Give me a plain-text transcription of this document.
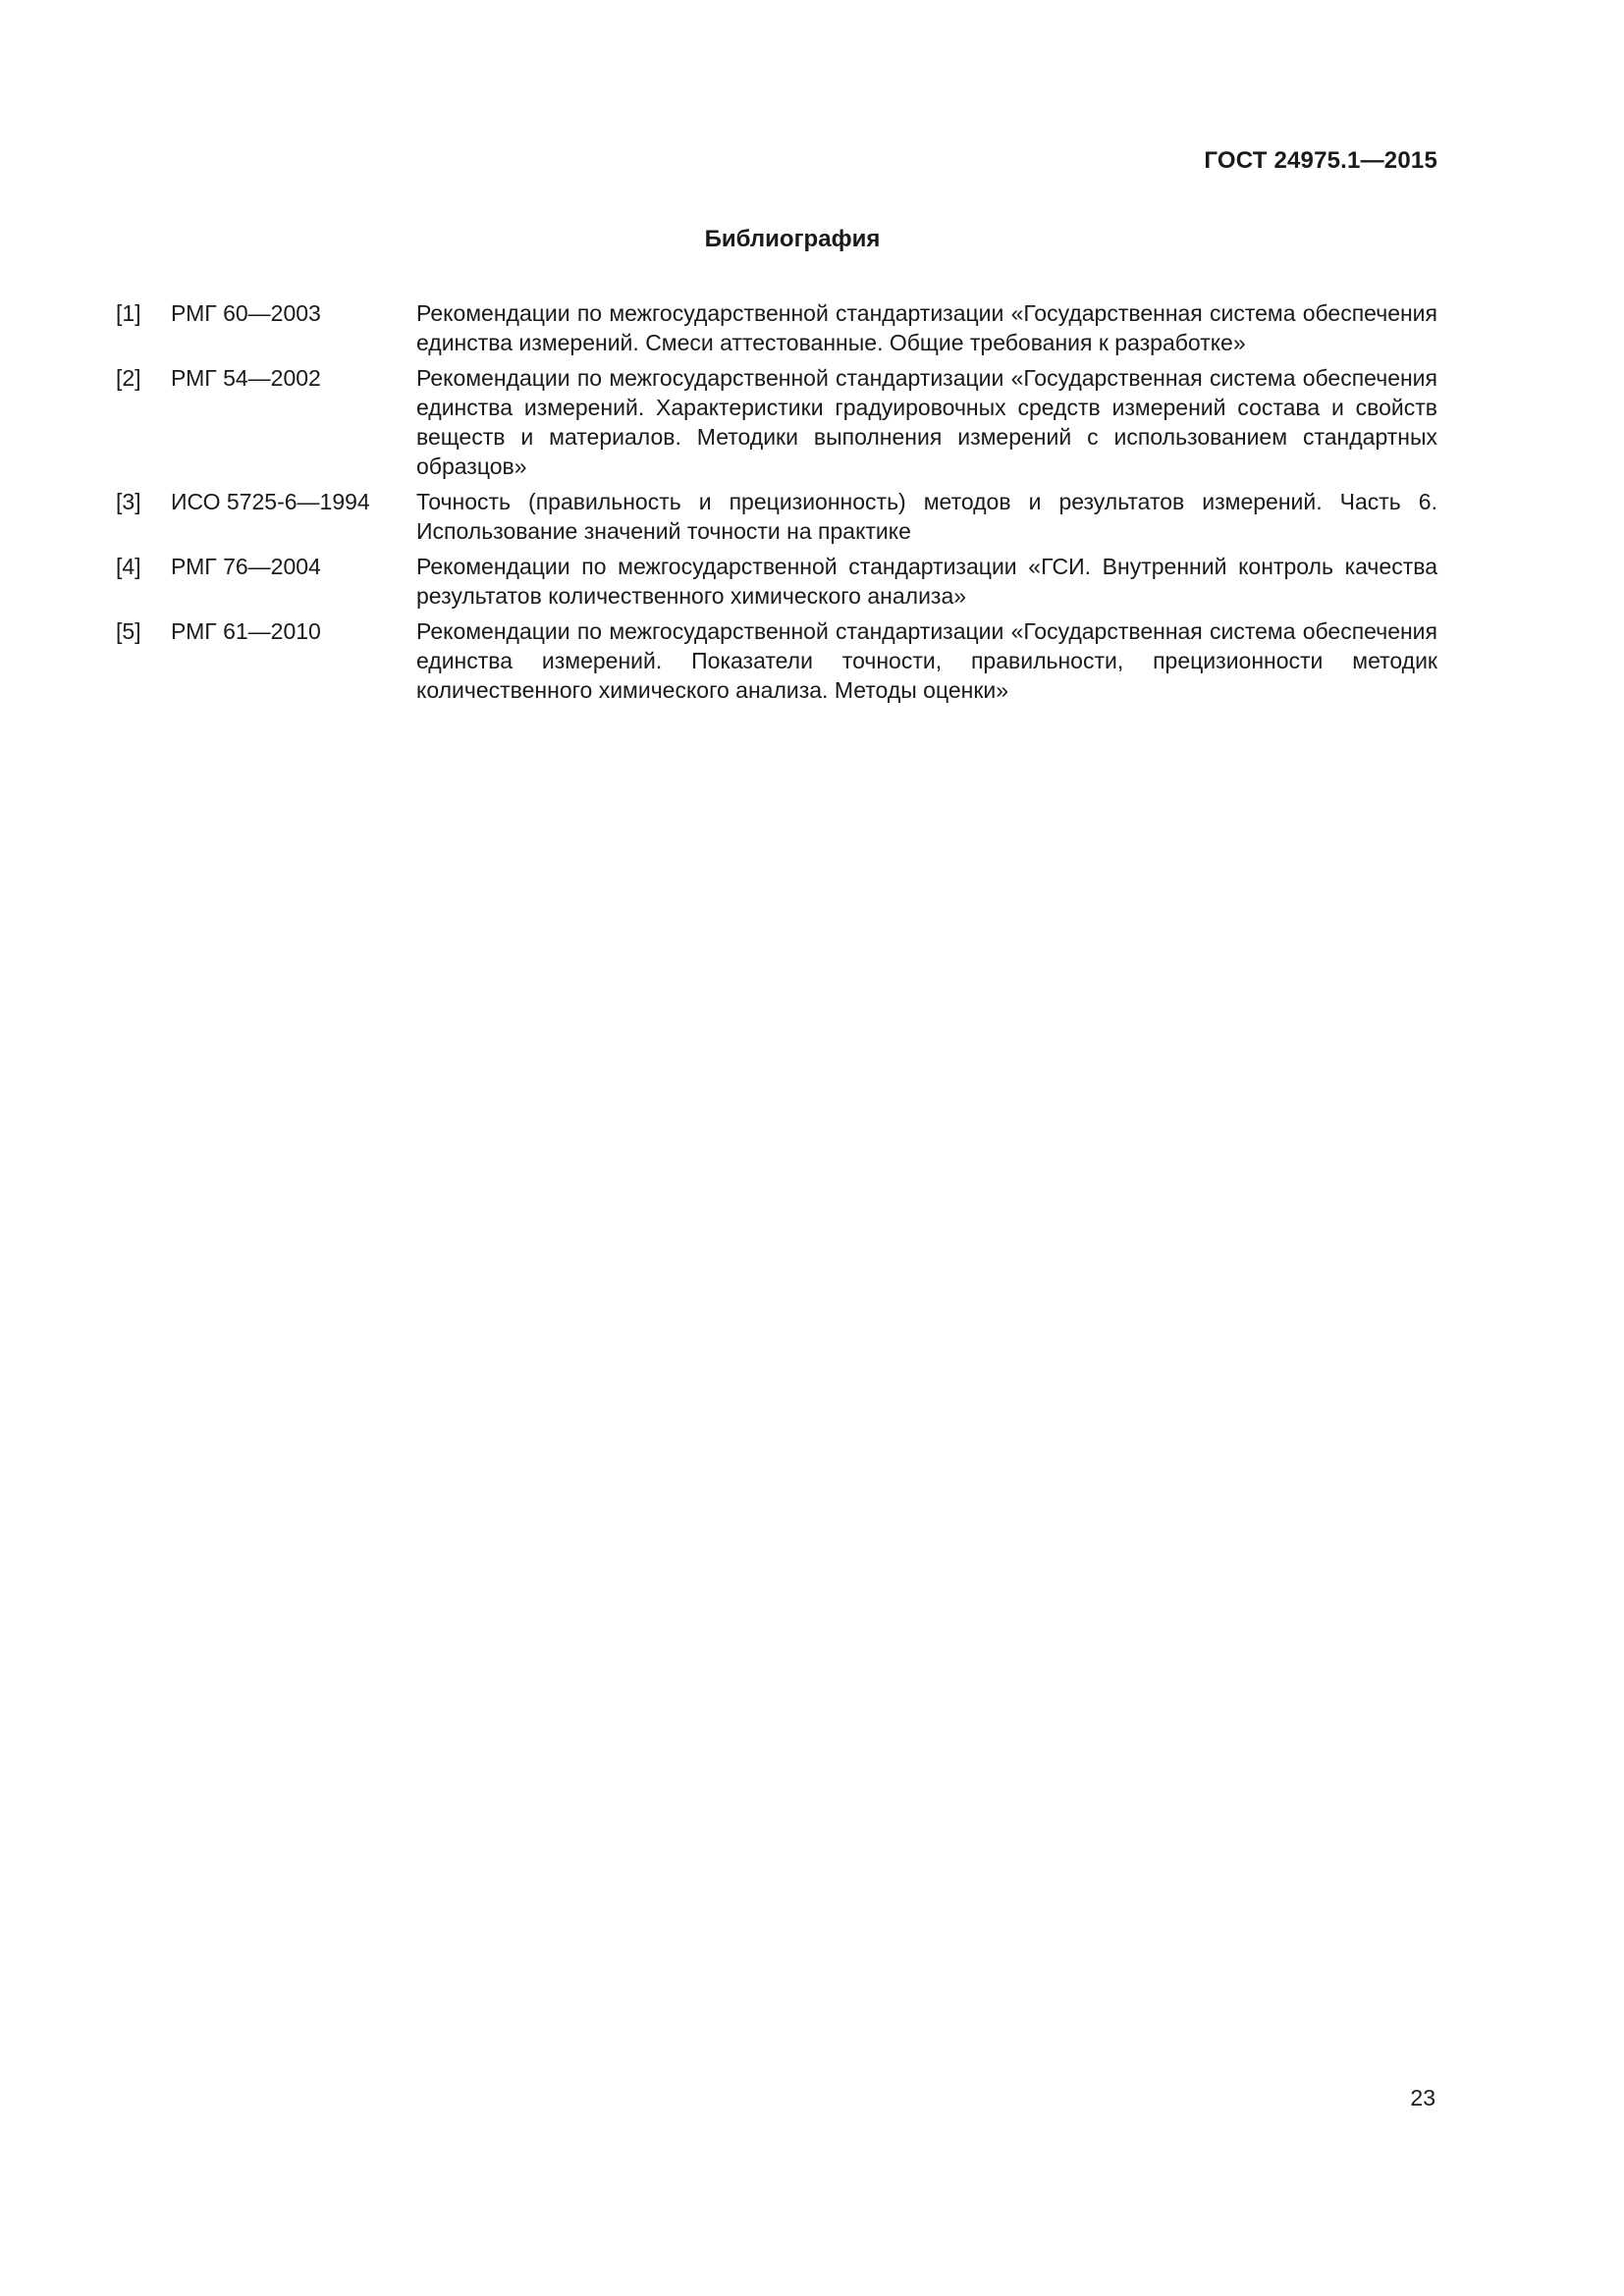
ГОСТ 24975.1—2015
Библиография
[1]	РМГ 60—2003	Рекомендации по межгосударственной стандартизации «Государственная система обеспечения единства измерений. Смеси аттестованные. Общие требования к разработке»
[2]	РМГ 54—2002	Рекомендации по межгосударственной стандартизации «Государственная система обеспечения единства измерений. Характеристики градуировочных средств измерений состава и свойств веществ и материалов. Методики выполнения измерений с использованием стандартных образцов»
[3]	ИСО 5725-6—1994	Точность (правильность и прецизионность) методов и результатов измерений. Часть 6. Использование значений точности на практике
[4]	РМГ 76—2004	Рекомендации по межгосударственной стандартизации «ГСИ. Внутренний контроль качества результатов количественного химического анализа»
[5]	РМГ 61—2010	Рекомендации по межгосударственной стандартизации «Государственная система обеспечения единства измерений. Показатели точности, правильности, прецизионности методик количественного химического анализа. Методы оценки»
23
